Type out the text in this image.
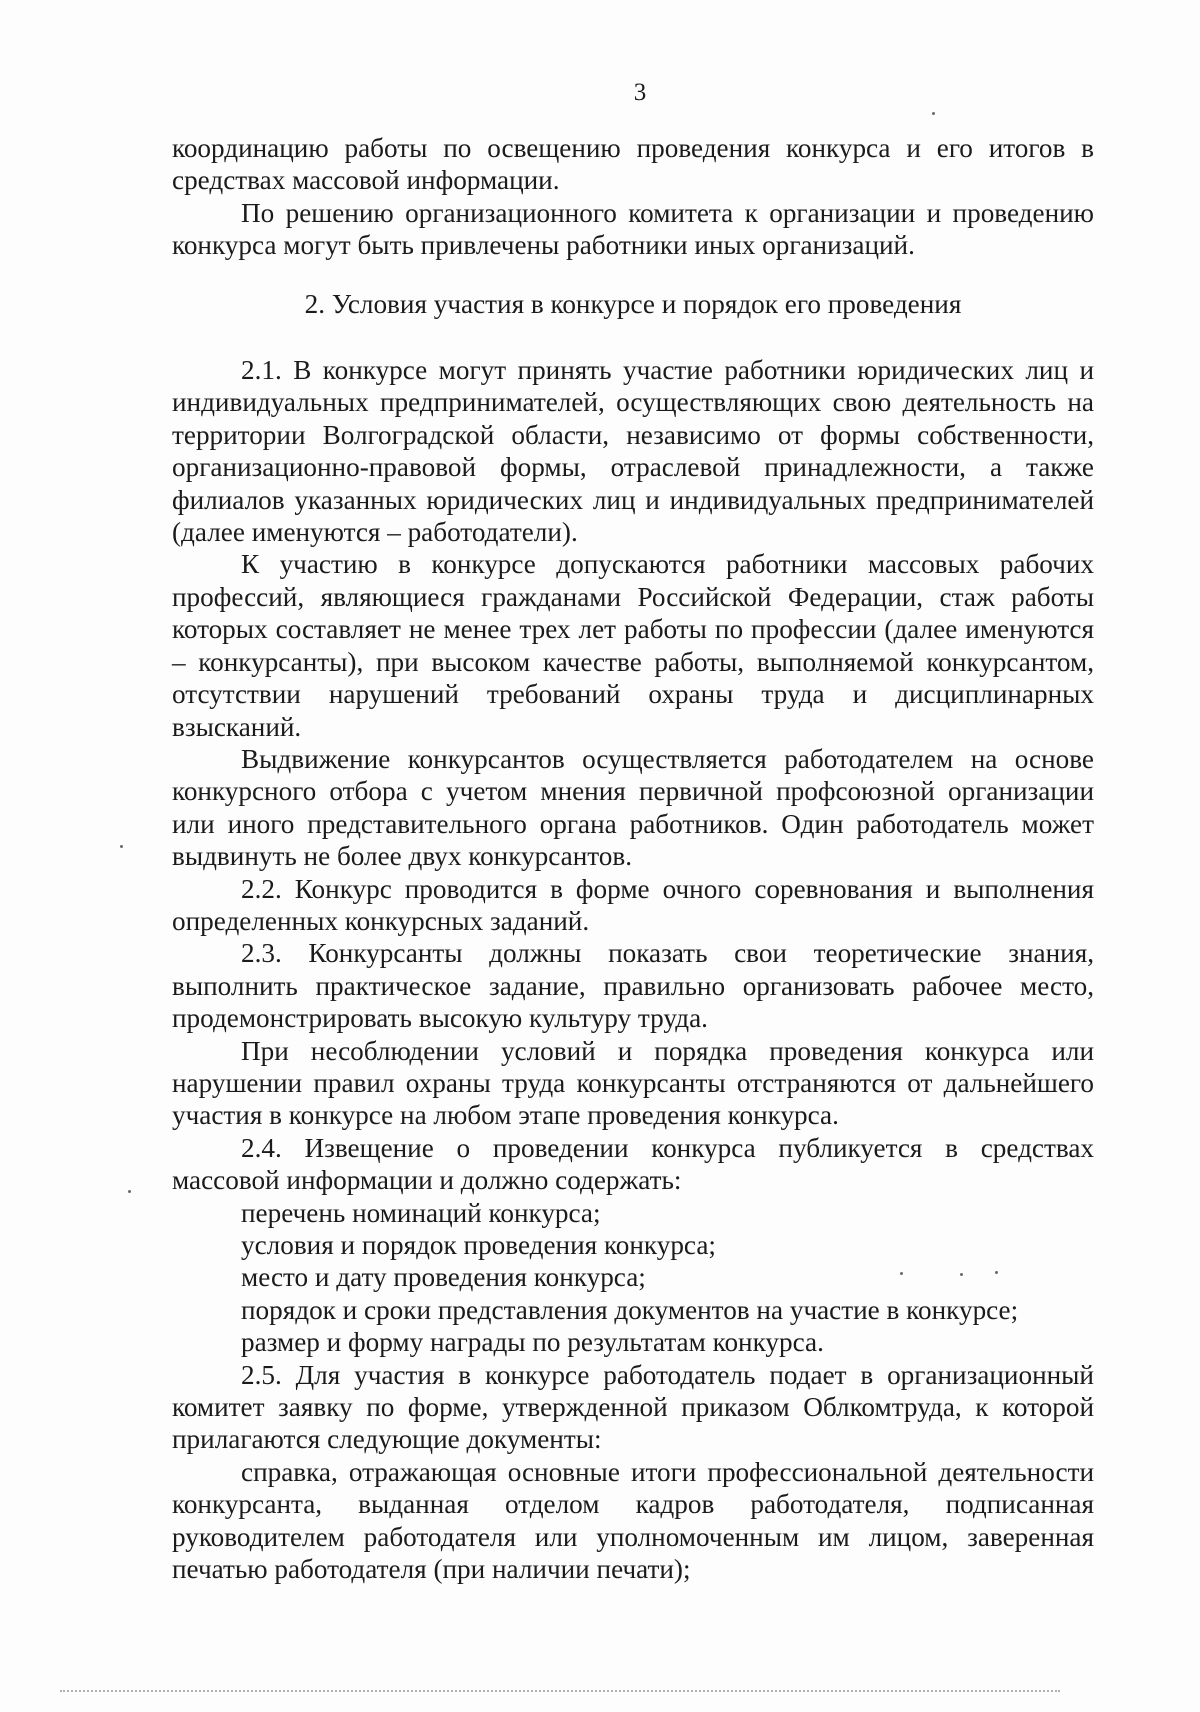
3

координацию работы по освещению проведения конкурса и его итогов в средствах массовой информации.

По решению организационного комитета к организации и проведению конкурса могут быть привлечены работники иных организаций.

2. Условия участия в конкурсе и порядок его проведения

2.1. В конкурсе могут принять участие работники юридических лиц и индивидуальных предпринимателей, осуществляющих свою деятельность на территории Волгоградской области, независимо от формы собственности, организационно-правовой формы, отраслевой принадлежности, а также филиалов указанных юридических лиц и индивидуальных предпринимателей (далее именуются – работодатели).

К участию в конкурсе допускаются работники массовых рабочих профессий, являющиеся гражданами Российской Федерации, стаж работы которых составляет не менее трех лет работы по профессии (далее именуются – конкурсанты), при высоком качестве работы, выполняемой конкурсантом, отсутствии нарушений требований охраны труда и дисциплинарных взысканий.

Выдвижение конкурсантов осуществляется работодателем на основе конкурсного отбора с учетом мнения первичной профсоюзной организации или иного представительного органа работников. Один работодатель может выдвинуть не более двух конкурсантов.

2.2. Конкурс проводится в форме очного соревнования и выполнения определенных конкурсных заданий.

2.3. Конкурсанты должны показать свои теоретические знания, выполнить практическое задание, правильно организовать рабочее место, продемонстрировать высокую культуру труда.

При несоблюдении условий и порядка проведения конкурса или нарушении правил охраны труда конкурсанты отстраняются от дальнейшего участия в конкурсе на любом этапе проведения конкурса.

2.4. Извещение о проведении конкурса публикуется в средствах массовой информации и должно содержать:

перечень номинаций конкурса;

условия и порядок проведения конкурса;

место и дату проведения конкурса;

порядок и сроки представления документов на участие в конкурсе;

размер и форму награды по результатам конкурса.

2.5. Для участия в конкурсе работодатель подает в организационный комитет заявку по форме, утвержденной приказом Облкомтруда, к которой прилагаются следующие документы:

справка, отражающая основные итоги профессиональной деятельности конкурсанта, выданная отделом кадров работодателя, подписанная руководителем работодателя или уполномоченным им лицом, заверенная печатью работодателя (при наличии печати);
